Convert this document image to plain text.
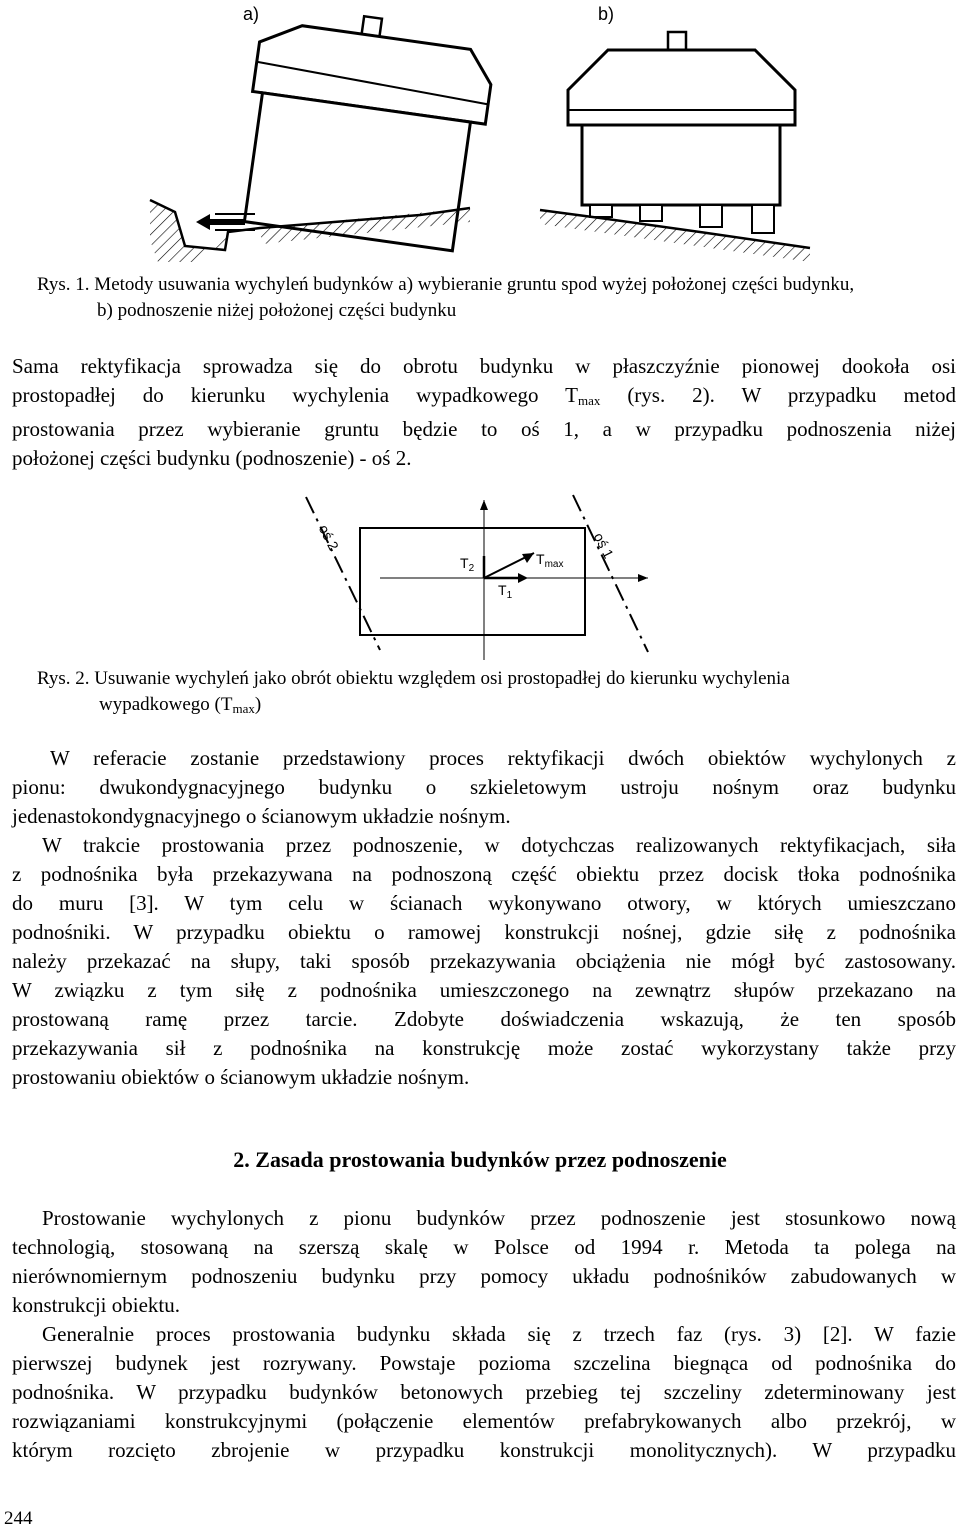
a)	b)
Rys. 1. Metody usuwania wychyleń budynków a) wybieranie gruntu spod wyżej położonej części budynku,
b) podnoszenie niżej położonej części budynku
Sama rektyfikacja sprowadza się do obrotu budynku w płaszczyźnie pionowej dookoła osi
prostopadłej do kierunku wychylenia wypadkowego $T_{max}$ (rys. 2). W przypadku metod
prostowania przez wybieranie gruntu będzie to oś 1, a w przypadku podnoszenia niżej
położonej części budynku (podnoszenie) - oś 2.
oś 2	oś 1
$T_2$
$T_{max}$
$T_1$
Rys. 2. Usuwanie wychyleń jako obrót obiektu względem osi prostopadłej do kierunku wychylenia
wypadkowego $(T_{max})$
W referacie zostanie przedstawiony proces rektyfikacji dwóch obiektów wychylonych z
pionu: dwukondygnacyjnego budynku o szkieletowym ustroju nośnym oraz budynku
jedenastokondygnacyjnego o ścianowym układzie nośnym.
W trakcie prostowania przez podnoszenie, w dotychczas realizowanych rektyfikacjach, siła
z podnośnika była przekazywana na podnoszoną część obiektu przez docisk tłoka podnośnika
do muru [3]. W tym celu w ścianach wykonywano otwory, w których umieszczano
podnośniki. W przypadku obiektu o ramowej konstrukcji nośnej, gdzie siłę z podnośnika
należy przekazać na słupy, taki sposób przekazywania obciążenia nie mógł być zastosowany.
W związku z tym siłę z podnośnika umieszczonego na zewnątrz słupów przekazano na
prostowaną ramę przez tarcie. Zdobyte doświadczenia wskazują, że ten sposób
przekazywania sił z podnośnika na konstrukcję może zostać wykorzystany także przy
prostowaniu obiektów o ścianowym układzie nośnym.
2. Zasada prostowania budynków przez podnoszenie
Prostowanie wychylonych z pionu budynków przez podnoszenie jest stosunkowo nową
technologią, stosowaną na szerszą skalę w Polsce od 1994 r. Metoda ta polega na
nierównomiernym podnoszeniu budynku przy pomocy układu podnośników zabudowanych w
konstrukcji obiektu.
Generalnie proces prostowania budynku składa się z trzech faz (rys. 3) [2]. W fazie
pierwszej budynek jest rozrywany. Powstaje pozioma szczelina biegnąca od podnośnika do
podnośnika. W przypadku budynków betonowych przebieg tej szczeliny zdeterminowany jest
rozwiązaniami konstrukcyjnymi (połączenie elementów prefabrykowanych albo przekrój, w
którym rozcięto zbrojenie w przypadku konstrukcji monolitycznych). W przypadku
244
